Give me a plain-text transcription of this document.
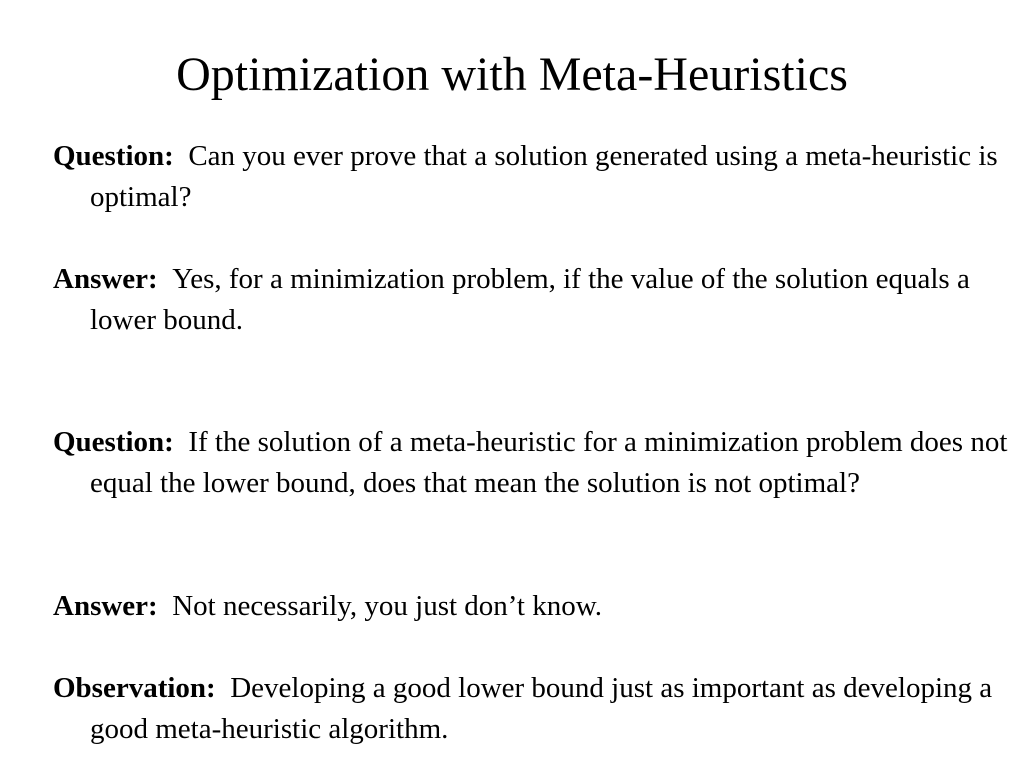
Optimization with Meta-Heuristics
Question: Can you ever prove that a solution generated using a meta-heuristic is optimal?
Answer: Yes, for a minimization problem, if the value of the solution equals a lower bound.
Question: If the solution of a meta-heuristic for a minimization problem does not equal the lower bound, does that mean the solution is not optimal?
Answer: Not necessarily, you just don’t know.
Observation: Developing a good lower bound just as important as developing a good meta-heuristic algorithm.
